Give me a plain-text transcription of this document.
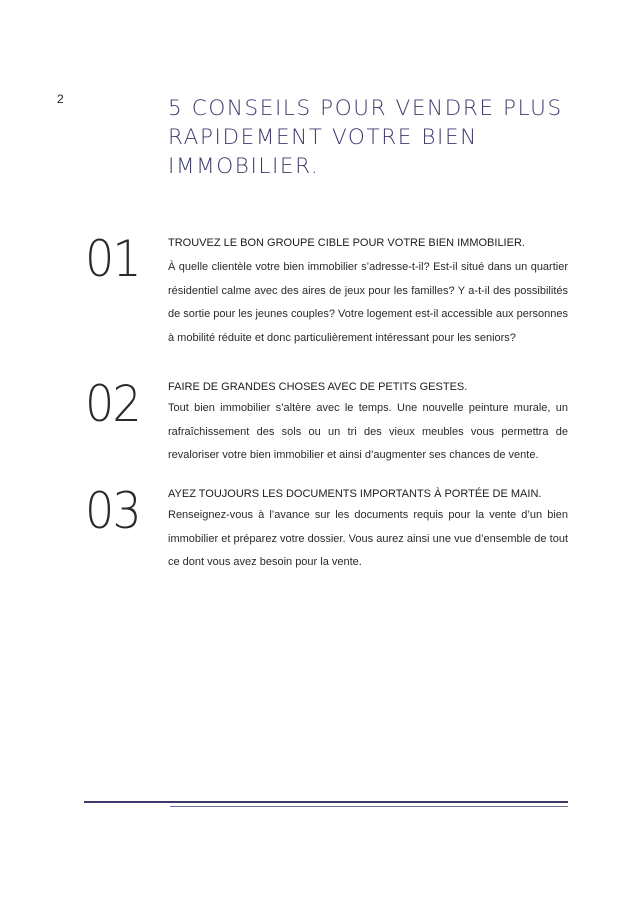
2	5 CONSEILS POUR VENDRE PLUS RAPIDEMENT VOTRE BIEN IMMOBILIER.
01	TROUVEZ LE BON GROUPE CIBLE POUR VOTRE BIEN IMMOBILIER.

À quelle clientèle votre bien immobilier s’adresse-t-il? Est-il situé dans un quartier résidentiel calme avec des aires de jeux pour les familles? Y a-t-il des possibilités de sortie pour les jeunes couples? Votre logement est-il accessible aux personnes à mobilité réduite et donc particulièrement intéressant pour les seniors?

02	FAIRE DE GRANDES CHOSES AVEC DE PETITS GESTES.

Tout bien immobilier s’altère avec le temps. Une nouvelle peinture murale, un rafraîchissement des sols ou un tri des vieux meubles vous permettra de revaloriser votre bien immobilier et ainsi d’augmenter ses chances de vente.

03	AYEZ TOUJOURS LES DOCUMENTS IMPORTANTS À PORTÉE DE MAIN.

Renseignez-vous à l’avance sur les documents requis pour la vente d’un bien immobilier et préparez votre dossier. Vous aurez ainsi une vue d’ensemble de tout ce dont vous avez besoin pour la vente.
